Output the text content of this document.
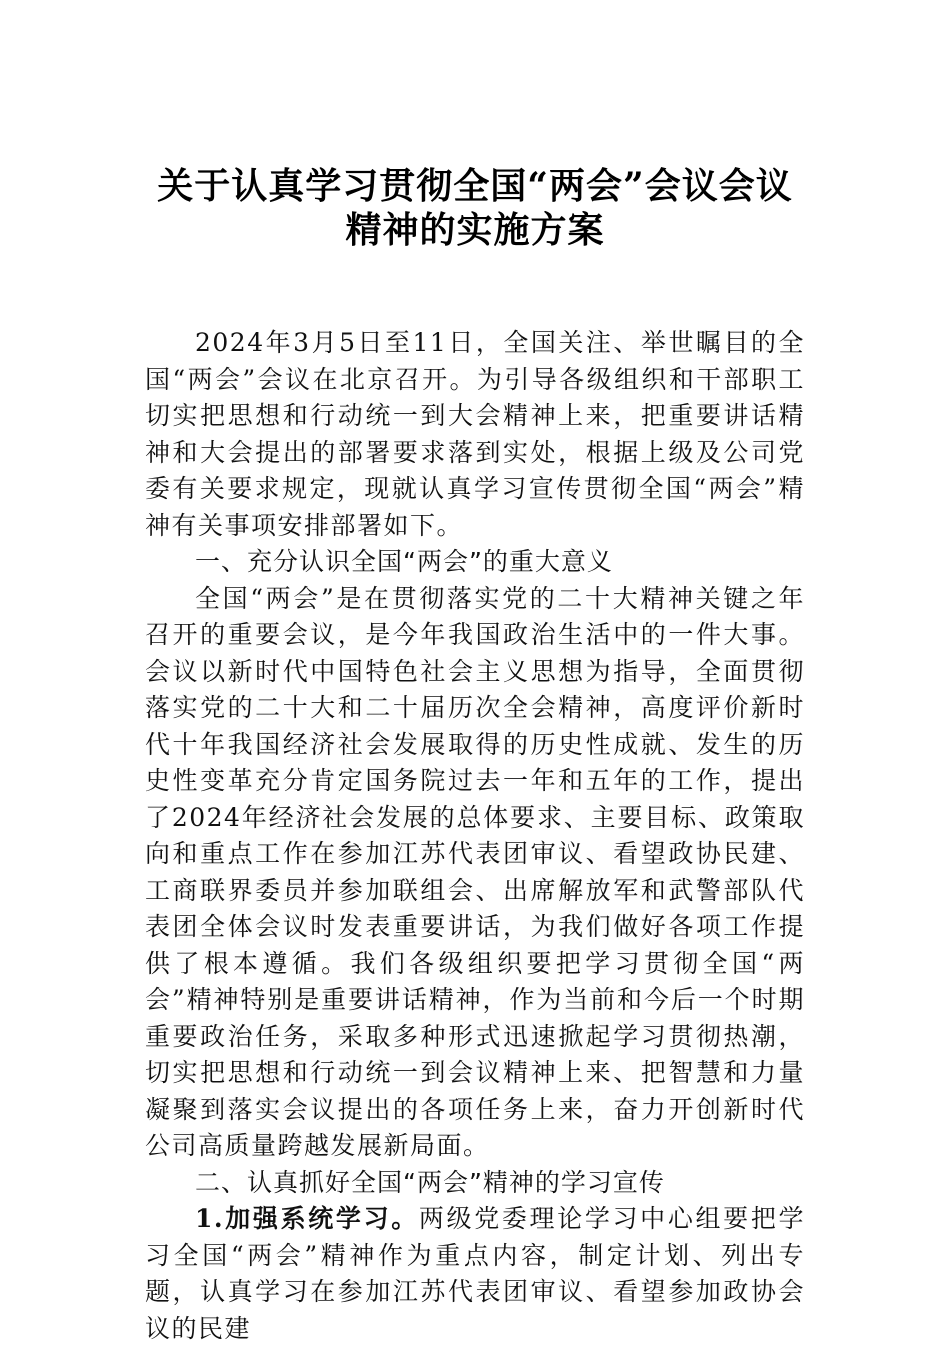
关于认真学习贯彻全国“两会”会议会议
精神的实施方案

2024年3月5日至11日，全国关注、举世瞩目的全国“两会”会议在北京召开。为引导各级组织和干部职工切实把思想和行动统一到大会精神上来，把重要讲话精神和大会提出的部署要求落到实处，根据上级及公司党委有关要求规定，现就认真学习宣传贯彻全国“两会”精神有关事项安排部署如下。

一、充分认识全国“两会”的重大意义

全国“两会”是在贯彻落实党的二十大精神关键之年召开的重要会议，是今年我国政治生活中的一件大事。会议以新时代中国特色社会主义思想为指导，全面贯彻落实党的二十大和二十届历次全会精神，高度评价新时代十年我国经济社会发展取得的历史性成就、发生的历史性变革充分肯定国务院过去一年和五年的工作，提出了2024年经济社会发展的总体要求、主要目标、政策取向和重点工作在参加江苏代表团审议、看望政协民建、工商联界委员并参加联组会、出席解放军和武警部队代表团全体会议时发表重要讲话，为我们做好各项工作提供了根本遵循。我们各级组织要把学习贯彻全国“两会”精神特别是重要讲话精神，作为当前和今后一个时期重要政治任务，采取多种形式迅速掀起学习贯彻热潮，切实把思想和行动统一到会议精神上来、把智慧和力量凝聚到落实会议提出的各项任务上来，奋力开创新时代公司高质量跨越发展新局面。

二、认真抓好全国“两会”精神的学习宣传

1.加强系统学习。两级党委理论学习中心组要把学习全国“两会”精神作为重点内容，制定计划、列出专题，认真学习在参加江苏代表团审议、看望参加政协会议的民建
